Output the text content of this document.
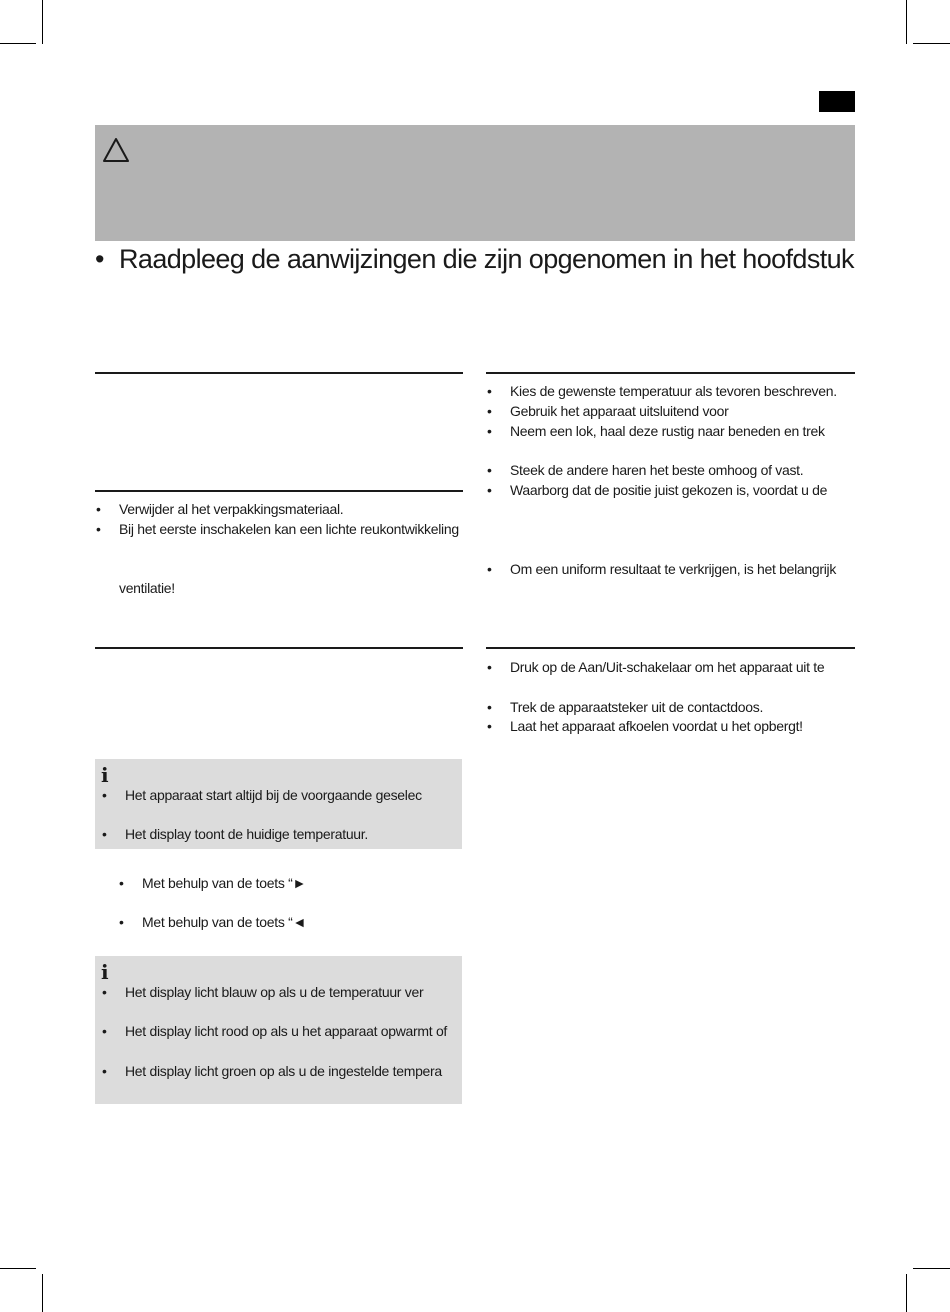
• Raadpleeg de aanwijzingen die zijn opgenomen in het hoofdstuk
• Verwijder al het verpakkingsmateriaal.
• Bij het eerste inschakelen kan een lichte reukontwikkeling
ventilatie!
i
• Het apparaat start altijd bij de voorgaande geselec
• Het display toont de huidige temperatuur.
• Met behulp van de toets “►
• Met behulp van de toets “◄
i
• Het display licht blauw op als u de temperatuur ver
• Het display licht rood op als u het apparaat opwarmt of
• Het display licht groen op als u de ingestelde tempera
• Kies de gewenste temperatuur als tevoren beschreven.
• Gebruik het apparaat uitsluitend voor
• Neem een lok, haal deze rustig naar beneden en trek
• Steek de andere haren het beste omhoog of vast.
• Waarborg dat de positie juist gekozen is, voordat u de
• Om een uniform resultaat te verkrijgen, is het belangrijk
• Druk op de Aan/Uit-schakelaar om het apparaat uit te
• Trek de apparaatsteker uit de contactdoos.
• Laat het apparaat afkoelen voordat u het opbergt!
